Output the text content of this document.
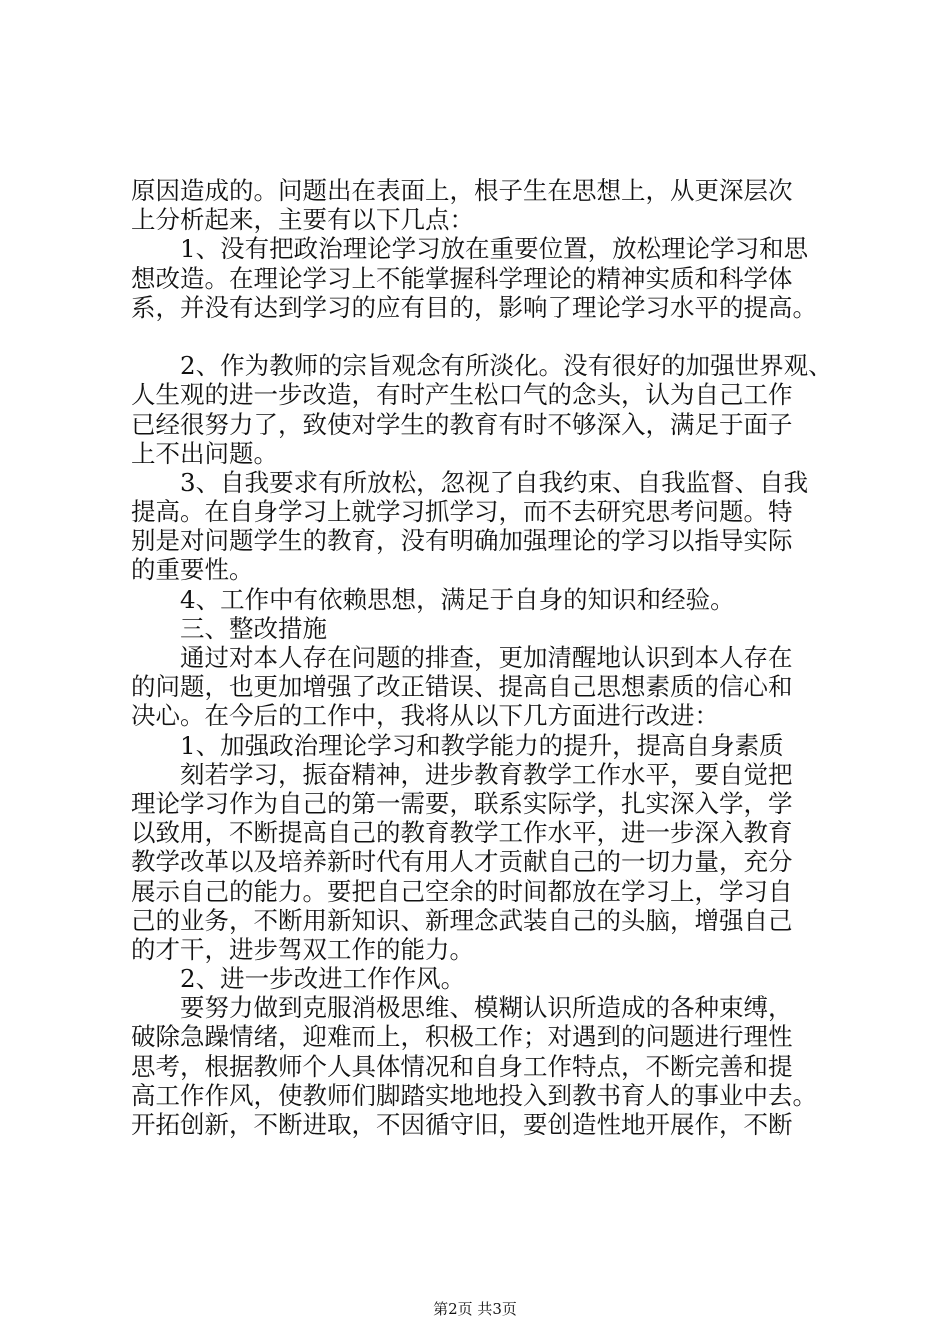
原因造成的。问题出在表面上，根子生在思想上，从更深层次
上分析起来，主要有以下几点：
　　1、没有把政治理论学习放在重要位置，放松理论学习和思
想改造。在理论学习上不能掌握科学理论的精神实质和科学体
系，并没有达到学习的应有目的，影响了理论学习水平的提高。
　　2、作为教师的宗旨观念有所淡化。没有很好的加强世界观、
人生观的进一步改造，有时产生松口气的念头，认为自己工作
已经很努力了，致使对学生的教育有时不够深入，满足于面子
上不出问题。
　　3、自我要求有所放松，忽视了自我约束、自我监督、自我
提高。在自身学习上就学习抓学习，而不去研究思考问题。特
别是对问题学生的教育，没有明确加强理论的学习以指导实际
的重要性。
　　4、工作中有依赖思想，满足于自身的知识和经验。
　　三、整改措施
　　通过对本人存在问题的排查，更加清醒地认识到本人存在
的问题，也更加增强了改正错误、提高自己思想素质的信心和
决心。在今后的工作中，我将从以下几方面进行改进：
　　1、加强政治理论学习和教学能力的提升，提高自身素质
　　刻若学习，振奋精神，进步教育教学工作水平，要自觉把
理论学习作为自己的第一需要，联系实际学，扎实深入学，学
以致用，不断提高自己的教育教学工作水平，进一步深入教育
教学改革以及培养新时代有用人才贡献自己的一切力量，充分
展示自己的能力。要把自己空余的时间都放在学习上，学习自
己的业务，不断用新知识、新理念武装自己的头脑，增强自己
的才干，进步驾双工作的能力。
　　2、进一步改进工作作风。
　　要努力做到克服消极思维、模糊认识所造成的各种束缚，
破除急躁情绪，迎难而上，积极工作；对遇到的问题进行理性
思考，根据教师个人具体情况和自身工作特点，不断完善和提
高工作作风，使教师们脚踏实地地投入到教书育人的事业中去。
开拓创新，不断进取，不因循守旧，要创造性地开展作，不断
第2页 共3页
